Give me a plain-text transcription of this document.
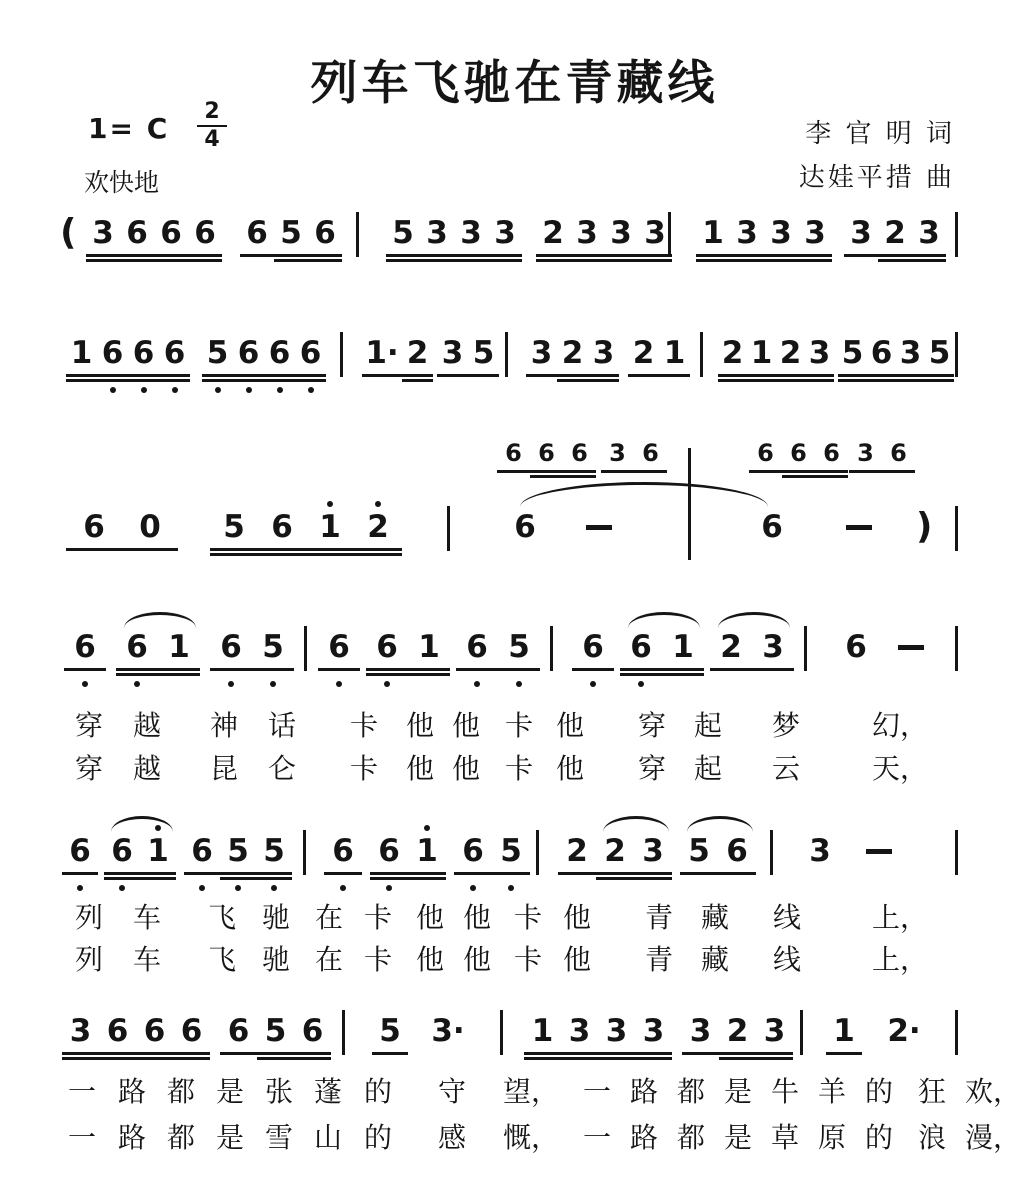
列车飞驰在青藏线
1= C $\frac{2}{4}$
欢快地
李 官 明 词
达娃平措 曲
( 3 6 6 6 6 5 6 5 3 3 3 2 3 3 3 1 3 3 3 3 2 3
1 6 6 6 5 6 6 6 1· 2 3 5 3 2 3 2 1 2 1 2 3 5 6 3 5
6 6 6 3 6	6 6 6 3 6
6	0	5 6 1 2	6	6	)
6 6 1 6 5	6 6 1 6 5	6 6 1 2 3	6
6 6 1 6 5 5 6 6 1 6 5 2 2 3 5 6 3
3 6 6 6 6 5 6 5 3· 1 3 3 3 3 2 3 1 2·
穿 越 神 话 卡 他 他 卡 他 穿 起 梦	幻，
穿 越 昆 仑 卡 他 他 卡 他 穿 起 云	天，
列 车 飞 驰 在 卡 他 他 卡 他 青 藏 线	上，
列 车 飞 驰 在 卡 他 他 卡 他 青 藏 线	上，
一 路 都 是 张 蓬 的 守 望， 一 路 都 是 牛 羊 的 狂 欢，
一 路 都 是 雪 山 的 感 慨， 一 路 都 是 草 原 的 浪 漫，
